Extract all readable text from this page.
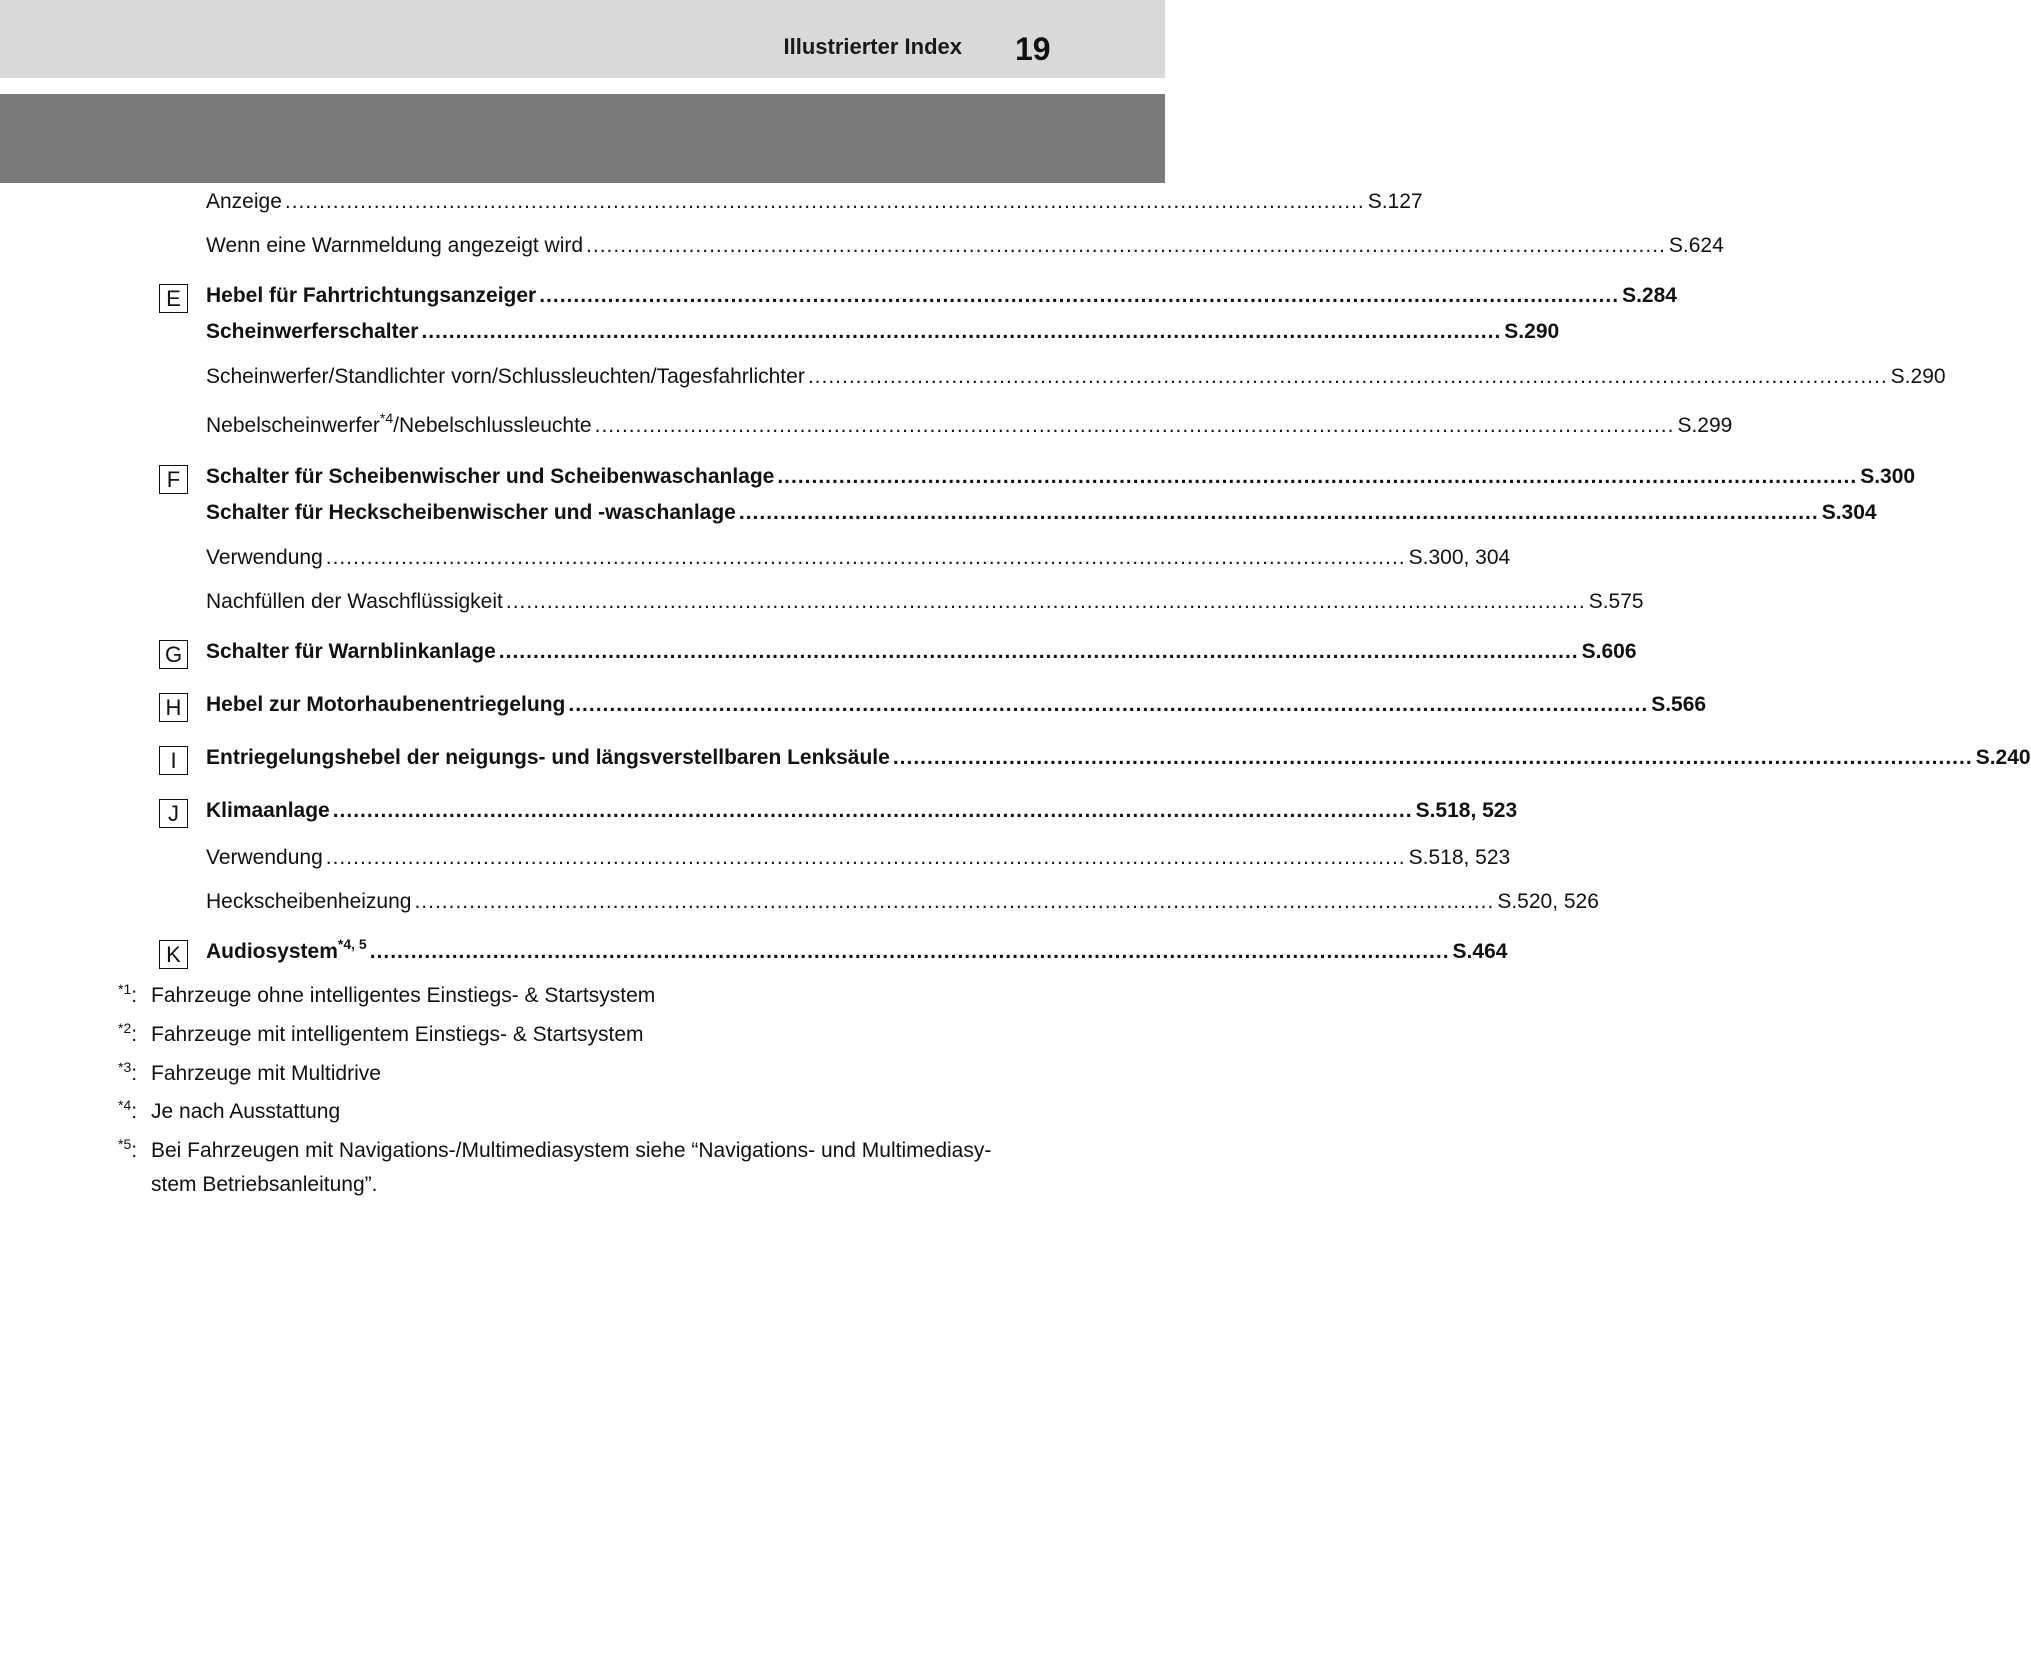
Illustrierter Index 19
Anzeige .............................................................................................................................................................. S.127
Wenn eine Warnmeldung angezeigt wird .............................................................................................................................................................. S.624
E	Hebel für Fahrtrichtungsanzeiger .............................................................................................................................................................. S.284
Scheinwerferschalter .............................................................................................................................................................. S.290
Scheinwerfer/Standlichter vorn/Schlussleuchten/Tagesfahrlichter .............................................................................................................................................................. S.290
Nebelscheinwerfer$^{*4}$/Nebelschlussleuchte .............................................................................................................................................................. S.299
F	Schalter für Scheibenwischer und Scheibenwaschanlage .............................................................................................................................................................. S.300
Schalter für Heckscheibenwischer und -waschanlage .............................................................................................................................................................. S.304
Verwendung .............................................................................................................................................................. S.300, 304
Nachfüllen der Waschflüssigkeit .............................................................................................................................................................. S.575
G Schalter für Warnblinkanlage .............................................................................................................................................................. S.606
H	Hebel zur Motorhaubenentriegelung .............................................................................................................................................................. S.566
I	Entriegelungshebel der neigungs- und längsverstellbaren Lenksäule .............................................................................................................................................................. S.240
J	Klimaanlage .............................................................................................................................................................. S.518, 523
Verwendung .............................................................................................................................................................. S.518, 523
Heckscheibenheizung .............................................................................................................................................................. S.520, 526
K	Audiosystem$^{*4, 5}$ .............................................................................................................................................................. S.464
$^{*1}$: Fahrzeuge ohne intelligentes Einstiegs- & Startsystem
$^{*2}$: Fahrzeuge mit intelligentem Einstiegs- & Startsystem
$^{*3}$: Fahrzeuge mit Multidrive
$^{*4}$: Je nach Ausstattung
$^{*5}$: Bei Fahrzeugen mit Navigations-/Multimediasystem siehe “Navigations- und Multimediasy-
stem Betriebsanleitung”.
